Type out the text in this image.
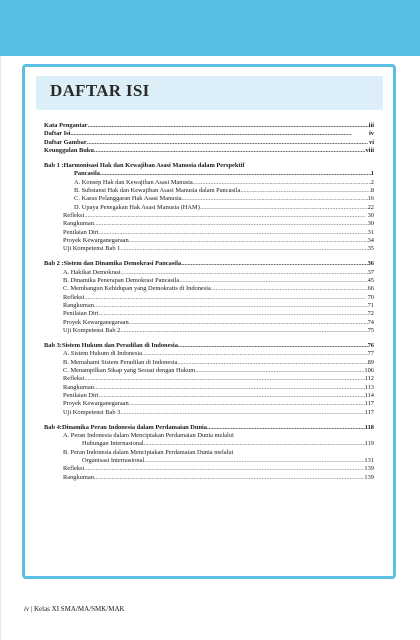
DAFTAR ISI
Kata Pengantar .....	iii
Daftar Isi .....	iv
Daftar Gambar .....	vi
Keunggulan Buku .....	viii
Bab 1 : Harmonisasi Hak dan Kewajiban Asasi Manusia dalam Perspektif
Pancasila .....	1
A. Konsep Hak dan Kewajiban Asasi Manusia .....	2
B. Substansi Hak dan Kewajiban Asasi Manusia dalam Pancasila .....	8
C. Kasus Pelanggaran Hak Asasi Manusia .....	16
D. Upaya Penegakan Hak Asasi Manusia (HAM) .....	22
Refleksi .....	30
Rangkuman .....	30
Penilaian Diri .....	31
Proyek Kewarganegaraan .....	34
Uji Kompetensi Bab 1 .....	35
Bab 2 : Sistem dan Dinamika Demokrasi Pancasila .....	36
A. Hakikat Demokrasi .....	37
B. Dinamika Penerapan Demokrasi Pancasila .....	45
C. Membangun Kehidupan yang Demokratis di Indonesia .....	66
Refleksi .....	70
Rangkuman .....	71
Penilaian Diri .....	72
Proyek Kewarganegaraan .....	74
Uji Kompetensi Bab 2 .....	75
Bab 3: Sistem Hukum dan Peradilan di Indonesia .....	76
A. Sistem Hukum di Indonesia .....	77
B. Memahami Sistem Peradilan di Indonesia .....	89
C. Menampilkan Sikap yang Sesuai dengan Hukum .....	106
Refleksi .....	112
Rangkuman .....	113
Penilaian Diri .....	114
Proyek Kewarganegaraan .....	117
Uji Kompetensi Bab 3 .....	117
Bab 4: Dinamika Peran Indonesia dalam Perdamaian Dunia .....	118
A. Peran Indonesia dalam Menciptakan Perdamaian Dunia melalui
Hubungan Internasional .....	119
B. Peran Indonesia dalam Menciptakan Perdamaian Dunia melalui
Organisasi Internasional .....	131
Refleksi .....	139
Rangkuman .....	139
iv | Kelas XI SMA/MA/SMK/MAK
